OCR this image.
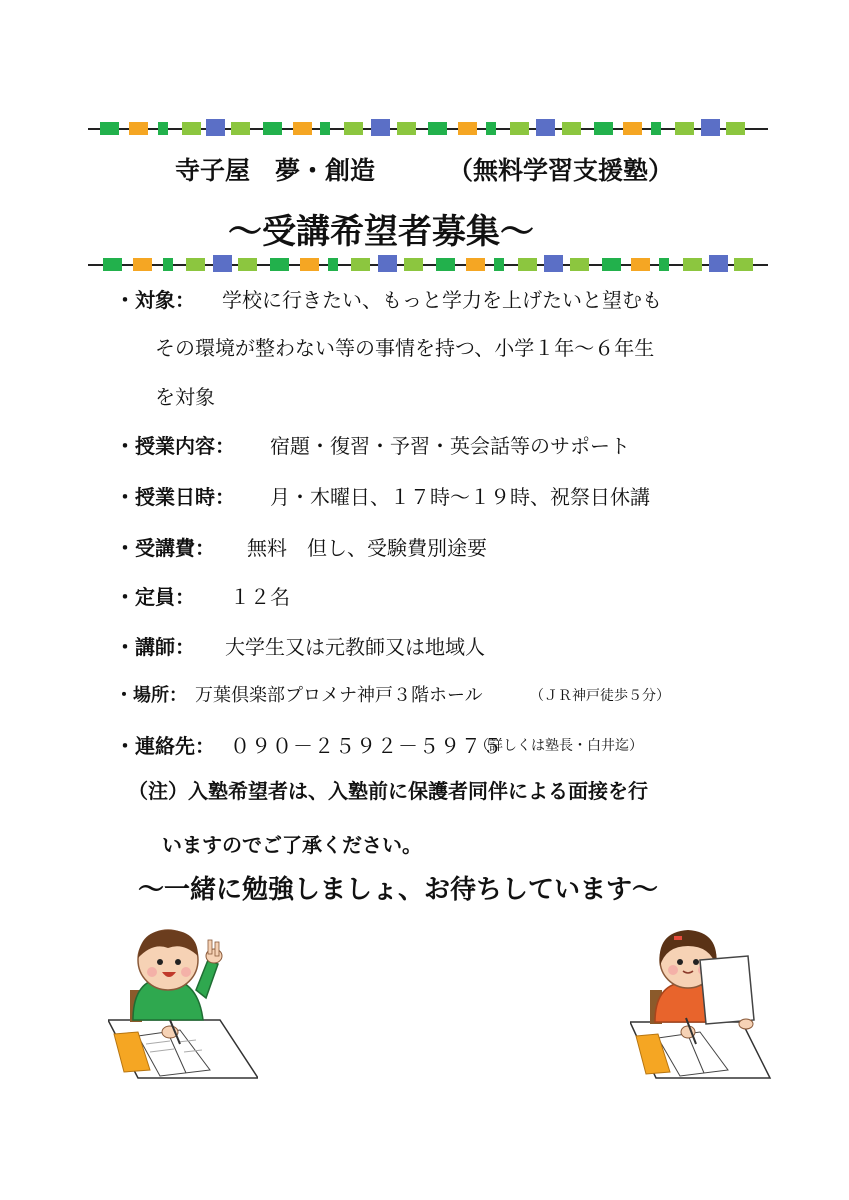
寺子屋　夢・創造	（無料学習支援塾）
～受講希望者募集～
・対象： 学校に行きたい、もっと学力を上げたいと望むも
その環境が整わない等の事情を持つ、小学１年～６年生
を対象
・授業内容： 宿題・復習・予習・英会話等のサポート
・授業日時： 月・木曜日、１７時～１９時、祝祭日休講
・受講費： 無料　但し、受験費別途要
・定員： １２名
・講師： 大学生又は元教師又は地域人
・場所： 万葉倶楽部プロメナ神戸３階ホール	（ＪＲ神戸徒歩５分）
・連絡先： ０９０－２５９２－５９７５
（詳しくは塾長・白井迄）
（注）入塾希望者は、入塾前に保護者同伴による面接を行
いますのでご了承ください。
～一緒に勉強しましょ、お待ちしています～
